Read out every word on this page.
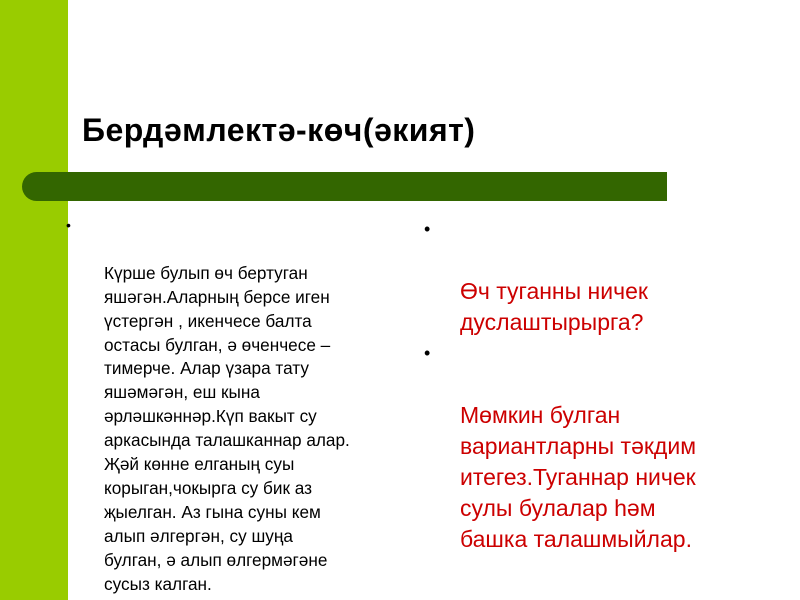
Бердәмлектә-көч(әкият)

•

Күрше булып өч бертуган
яшәгән.Аларның берсе иген
үстергән , икенчесе балта
остасы булган, ә өченчесе –
тимерче. Алар үзара тату
яшәмәгән, еш кына
әрләшкәннәр.Күп вакыт су
аркасында талашканнар алар.
Җәй көнне елганың суы
корыган,чокырга су бик аз
җыелган. Аз гына суны кем
алып әлгергән, су шуңа
булган, ә алып өлгермәгәне
сусыз калган.

•

Өч туганны ничек
дуслаштырырга?

•

Мөмкин булган
вариантларны тәкдим
итегез.Туганнар ничек
сулы булалар һәм
башка талашмыйлар.
